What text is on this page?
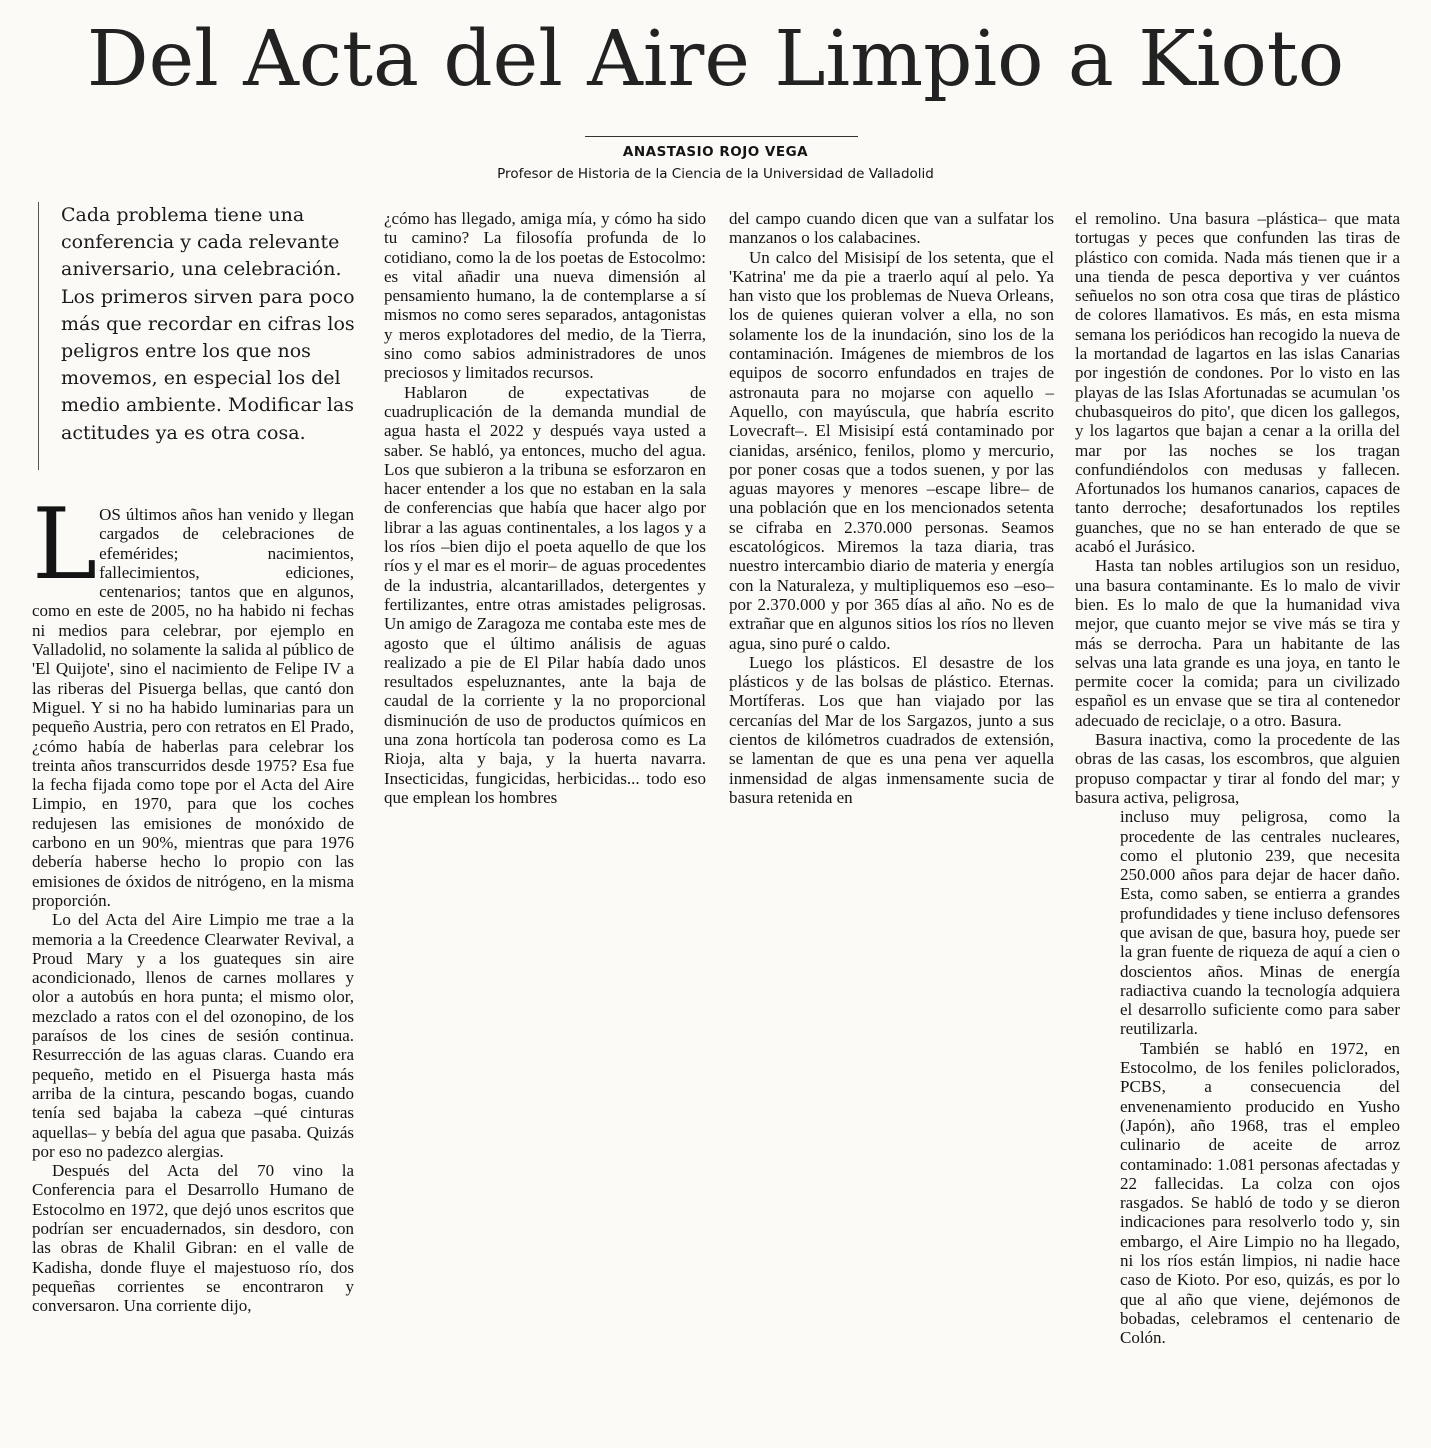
Del Acta del Aire Limpio a Kioto
ANASTASIO ROJO VEGA
Profesor de Historia de la Ciencia de la Universidad de Valladolid

Cada problema tiene una conferencia y cada relevante aniversario, una celebración. Los primeros sirven para poco más que recordar en cifras los peligros entre los que nos movemos, en especial los del medio ambiente. Modificar las actitudes ya es otra cosa.

LOS últimos años han venido y llegan cargados de celebraciones de efemérides; nacimientos, fallecimientos, ediciones, centenarios; tantos que en algunos, como en este de 2005, no ha habido ni fechas ni medios para celebrar, por ejemplo en Valladolid, no solamente la salida al público de 'El Quijote', sino el nacimiento de Felipe IV a las riberas del Pisuerga bellas, que cantó don Miguel. Y si no ha habido luminarias para un pequeño Austria, pero con retratos en El Prado, ¿cómo había de haberlas para celebrar los treinta años transcurridos desde 1975? Esa fue la fecha fijada como tope por el Acta del Aire Limpio, en 1970, para que los coches redujesen las emisiones de monóxido de carbono en un 90%, mientras que para 1976 debería haberse hecho lo propio con las emisiones de óxidos de nitrógeno, en la misma proporción.

Lo del Acta del Aire Limpio me trae a la memoria a la Creedence Clearwater Revival, a Proud Mary y a los guateques sin aire acondicionado, llenos de carnes mollares y olor a autobús en hora punta; el mismo olor, mezclado a ratos con el del ozonopino, de los paraísos de los cines de sesión continua. Resurrección de las aguas claras. Cuando era pequeño, metido en el Pisuerga hasta más arriba de la cintura, pescando bogas, cuando tenía sed bajaba la cabeza –qué cinturas aquellas– y bebía del agua que pasaba. Quizás por eso no padezco alergias.

Después del Acta del 70 vino la Conferencia para el Desarrollo Humano de Estocolmo en 1972, que dejó unos escritos que podrían ser encuadernados, sin desdoro, con las obras de Khalil Gibran: en el valle de Kadisha, donde fluye el majestuoso río, dos pequeñas corrientes se encontraron y conversaron. Una corriente dijo,

¿cómo has llegado, amiga mía, y cómo ha sido tu camino? La filosofía profunda de lo cotidiano, como la de los poetas de Estocolmo: es vital añadir una nueva dimensión al pensamiento humano, la de contemplarse a sí mismos no como seres separados, antagonistas y meros explotadores del medio, de la Tierra, sino como sabios administradores de unos preciosos y limitados recursos.

Hablaron de expectativas de cuadruplicación de la demanda mundial de agua hasta el 2022 y después vaya usted a saber. Se habló, ya entonces, mucho del agua. Los que subieron a la tribuna se esforzaron en hacer entender a los que no estaban en la sala de conferencias que había que hacer algo por librar a las aguas continentales, a los lagos y a los ríos –bien dijo el poeta aquello de que los ríos y el mar es el morir– de aguas procedentes de la industria, alcantarillados, detergentes y fertilizantes, entre otras amistades peligrosas. Un amigo de Zaragoza me contaba este mes de agosto que el último análisis de aguas realizado a pie de El Pilar había dado unos resultados espeluznantes, ante la baja de caudal de la corriente y la no proporcional disminución de uso de productos químicos en una zona hortícola tan poderosa como es La Rioja, alta y baja, y la huerta navarra. Insecticidas, fungicidas, herbicidas... todo eso que emplean los hombres

del campo cuando dicen que van a sulfatar los manzanos o los calabacines.

Un calco del Misisipí de los setenta, que el 'Katrina' me da pie a traerlo aquí al pelo. Ya han visto que los problemas de Nueva Orleans, los de quienes quieran volver a ella, no son solamente los de la inundación, sino los de la contaminación. Imágenes de miembros de los equipos de socorro enfundados en trajes de astronauta para no mojarse con aquello –Aquello, con mayúscula, que habría escrito Lovecraft–. El Misisipí está contaminado por cianidas, arsénico, fenilos, plomo y mercurio, por poner cosas que a todos suenen, y por las aguas mayores y menores –escape libre– de una población que en los mencionados setenta se cifraba en 2.370.000 personas. Seamos escatológicos. Miremos la taza diaria, tras nuestro intercambio diario de materia y energía con la Naturaleza, y multipliquemos eso –eso– por 2.370.000 y por 365 días al año. No es de extrañar que en algunos sitios los ríos no lleven agua, sino puré o caldo.

Luego los plásticos. El desastre de los plásticos y de las bolsas de plástico. Eternas. Mortíferas. Los que han viajado por las cercanías del Mar de los Sargazos, junto a sus cientos de kilómetros cuadrados de extensión, se lamentan de que es una pena ver aquella inmensidad de algas inmensamente sucia de basura retenida en

el remolino. Una basura –plástica– que mata tortugas y peces que confunden las tiras de plástico con comida. Nada más tienen que ir a una tienda de pesca deportiva y ver cuántos señuelos no son otra cosa que tiras de plástico de colores llamativos. Es más, en esta misma semana los periódicos han recogido la nueva de la mortandad de lagartos en las islas Canarias por ingestión de condones. Por lo visto en las playas de las Islas Afortunadas se acumulan 'os chubasqueiros do pito', que dicen los gallegos, y los lagartos que bajan a cenar a la orilla del mar por las noches se los tragan confundiéndolos con medusas y fallecen. Afortunados los humanos canarios, capaces de tanto derroche; desafortunados los reptiles guanches, que no se han enterado de que se acabó el Jurásico.

Hasta tan nobles artilugios son un residuo, una basura contaminante. Es lo malo de vivir bien. Es lo malo de que la humanidad viva mejor, que cuanto mejor se vive más se tira y más se derrocha. Para un habitante de las selvas una lata grande es una joya, en tanto le permite cocer la comida; para un civilizado español es un envase que se tira al contenedor adecuado de reciclaje, o a otro. Basura.

Basura inactiva, como la procedente de las obras de las casas, los escombros, que alguien propuso compactar y tirar al fondo del mar; y basura activa, peligrosa,

incluso muy peligrosa, como la procedente de las centrales nucleares, como el plutonio 239, que necesita 250.000 años para dejar de hacer daño. Esta, como saben, se entierra a grandes profundidades y tiene incluso defensores que avisan de que, basura hoy, puede ser la gran fuente de riqueza de aquí a cien o doscientos años. Minas de energía radiactiva cuando la tecnología adquiera el desarrollo suficiente como para saber reutilizarla.

También se habló en 1972, en Estocolmo, de los feniles policlorados, PCBS, a consecuencia del envenenamiento producido en Yusho (Japón), año 1968, tras el empleo culinario de aceite de arroz contaminado: 1.081 personas afectadas y 22 fallecidas. La colza con ojos rasgados. Se habló de todo y se dieron indicaciones para resolverlo todo y, sin embargo, el Aire Limpio no ha llegado, ni los ríos están limpios, ni nadie hace caso de Kioto. Por eso, quizás, es por lo que al año que viene, dejémonos de bobadas, celebramos el centenario de Colón.
